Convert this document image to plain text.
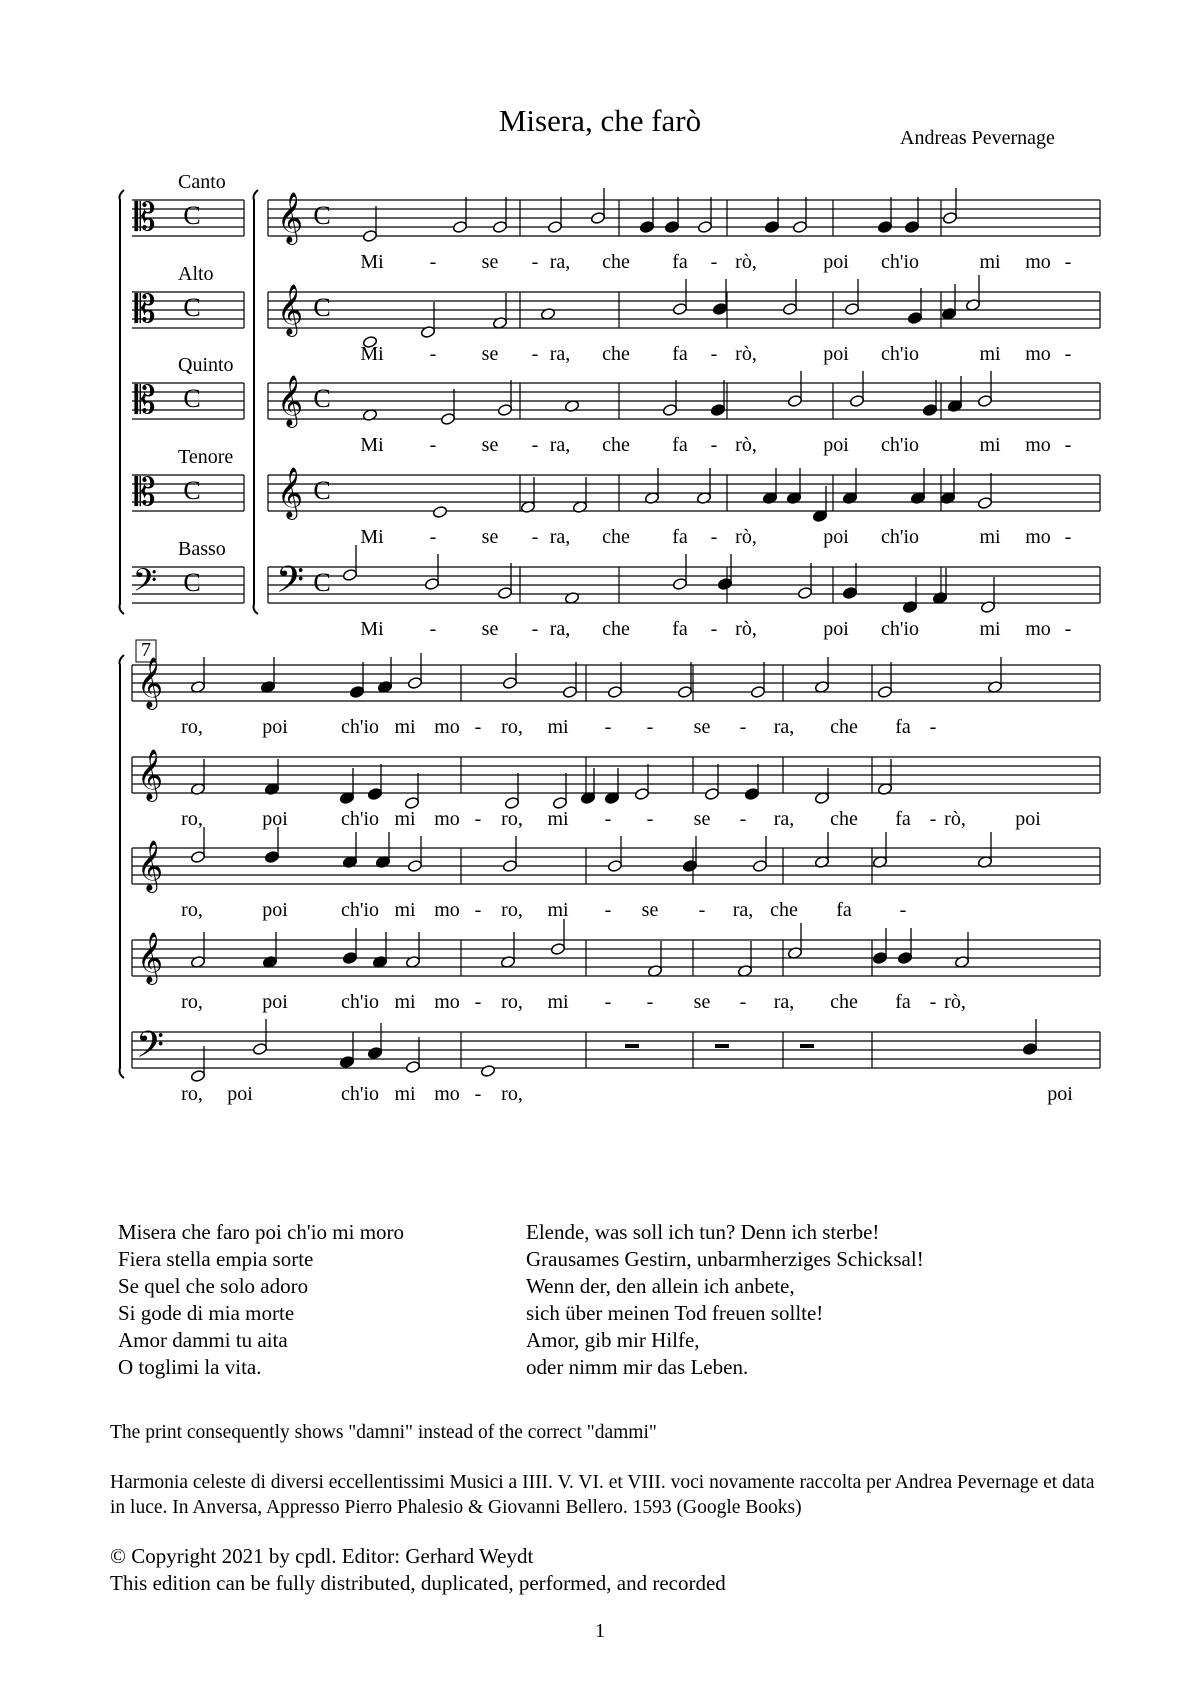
Misera, che farò	Andreas Pevernage
𝄞
𝄡 C	C
𝄞
𝄡 C	C
𝄞
𝄡 C	C
𝄞
𝄡 C	C
𝄢
𝄢 C	C
Canto
Alto
Quinto
Tenore
Basso
Mi - se - ra, che fa - rò,	poi ch'io	mi mo -
Mi - se - ra, che fa - rò,	poi ch'io	mi mo -
Mi - se - ra, che fa - rò,	poi ch'io	mi mo -
Mi - se - ra, che fa - rò,	poi ch'io	mi mo -
Mi - se - ra, che fa - rò,	poi ch'io	mi mo -
𝄞
𝄞
𝄞
𝄞
𝄢
7
ro,	poi	ch'io mi mo - ro, mi - - se - ra, che fa -
ro,	poi	ch'io mi mo - ro, mi - - se - ra, che fa - rò, poi
ro,	poi	ch'io mi mo - ro, mi - se - ra, che fa -
ro,	poi	ch'io mi mo - ro, mi - - se - ra, che fa - rò,
ro, poi	ch'io mi mo - ro,	poi
Misera che faro poi ch'io mi moro
Fiera stella empia sorte
Se quel che solo adoro
Si gode di mia morte
Amor dammi tu aita
O toglimi la vita.
Elende, was soll ich tun? Denn ich sterbe!
Grausames Gestirn, unbarmherziges Schicksal!
Wenn der, den allein ich anbete,
sich über meinen Tod freuen sollte!
Amor, gib mir Hilfe,
oder nimm mir das Leben.
The print consequently shows "damni" instead of the correct "dammi"
Harmonia celeste di diversi eccellentissimi Musici a IIII. V. VI. et VIII. voci novamente raccolta per Andrea Pevernage et data in luce. In Anversa, Appresso Pierro Phalesio & Giovanni Bellero. 1593 (Google Books)
© Copyright 2021 by cpdl. Editor: Gerhard Weydt
This edition can be fully distributed, duplicated, performed, and recorded
1
